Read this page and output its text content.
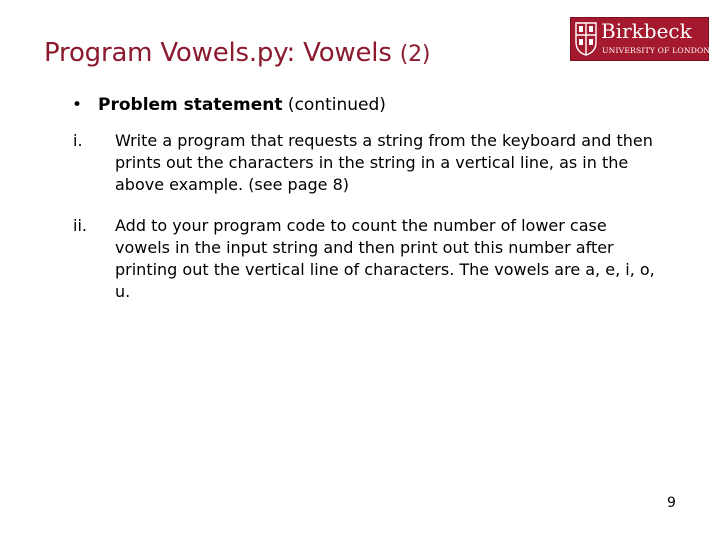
Program Vowels.py: Vowels (2)
Birkbeck
UNIVERSITY OF LONDON
• Problem statement (continued)
i. Write a program that requests a string from the keyboard and then prints out the characters in the string in a vertical line, as in the above example. (see page 8)
ii. Add to your program code to count the number of lower case vowels in the input string and then print out this number after printing out the vertical line of characters. The vowels are a, e, i, o, u.
9
